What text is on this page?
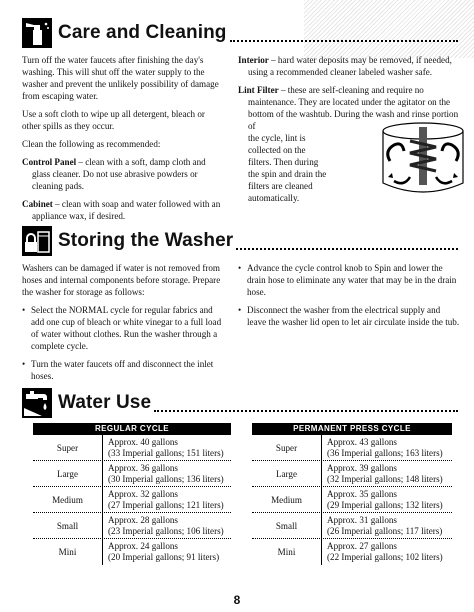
Care and Cleaning

Turn off the water faucets after finishing the day's washing. This will shut off the water supply to the washer and prevent the unlikely possibility of damage from escaping water.

Use a soft cloth to wipe up all detergent, bleach or other spills as they occur.

Clean the following as recommended:

Control Panel – clean with a soft, damp cloth and glass cleaner. Do not use abrasive powders or cleaning pads.

Cabinet – clean with soap and water followed with an appliance wax, if desired.

Interior – hard water deposits may be removed, if needed, using a recommended cleaner labeled washer safe.

Lint Filter – these are self-cleaning and require no maintenance. They are located under the agitator on the bottom of the washtub. During the wash and rinse portion of

the cycle, lint is collected on the filters. Then during the spin and drain the filters are cleaned automatically.

Storing the Washer

Washers can be damaged if water is not removed from hoses and internal components before storage. Prepare the washer for storage as follows:

• Select the NORMAL cycle for regular fabrics and add one cup of bleach or white vinegar to a full load of water without clothes. Run the washer through a complete cycle.
• Turn the water faucets off and disconnect the inlet hoses.
• Advance the cycle control knob to Spin and lower the drain hose to eliminate any water that may be in the drain hose.
• Disconnect the washer from the electrical supply and leave the washer lid open to let air circulate inside the tub.
Water Use
REGULAR CYCLE
Super
Approx. 40 gallons
(33 Imperial gallons; 151 liters)
Large
Approx. 36 gallons
(30 Imperial gallons; 136 liters)
Medium
Approx. 32 gallons
(27 Imperial gallons; 121 liters)
Small
Approx. 28 gallons
(23 Imperial gallons; 106 liters)
Mini
Approx. 24 gallons
(20 Imperial gallons; 91 liters)
PERMANENT PRESS CYCLE
Super
Approx. 43 gallons
(36 Imperial gallons; 163 liters)
Large
Approx. 39 gallons
(32 Imperial gallons; 148 liters)
Medium
Approx. 35 gallons
(29 Imperial gallons; 132 liters)
Small
Approx. 31 gallons
(26 Imperial gallons; 117 liters)
Mini
Approx. 27 gallons
(22 Imperial gallons; 102 liters)
8
